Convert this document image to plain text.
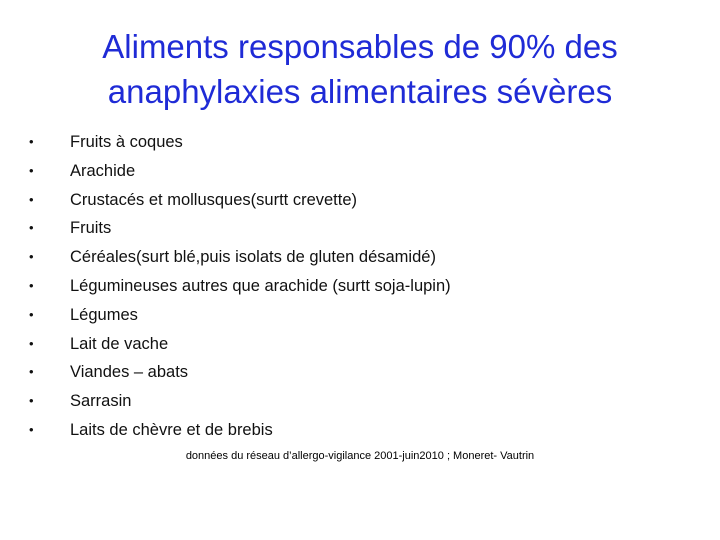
Aliments responsables de 90% des
anaphylaxies alimentaires sévères
• Fruits à coques
• Arachide
• Crustacés et mollusques(surtt crevette)
• Fruits
• Céréales(surt blé,puis isolats de gluten désamidé)
• Légumineuses autres que arachide (surtt soja-lupin)
• Légumes
• Lait de vache
• Viandes – abats
• Sarrasin
• Laits de chèvre et de brebis
données du réseau d’allergo-vigilance 2001-juin2010 ; Moneret- Vautrin
